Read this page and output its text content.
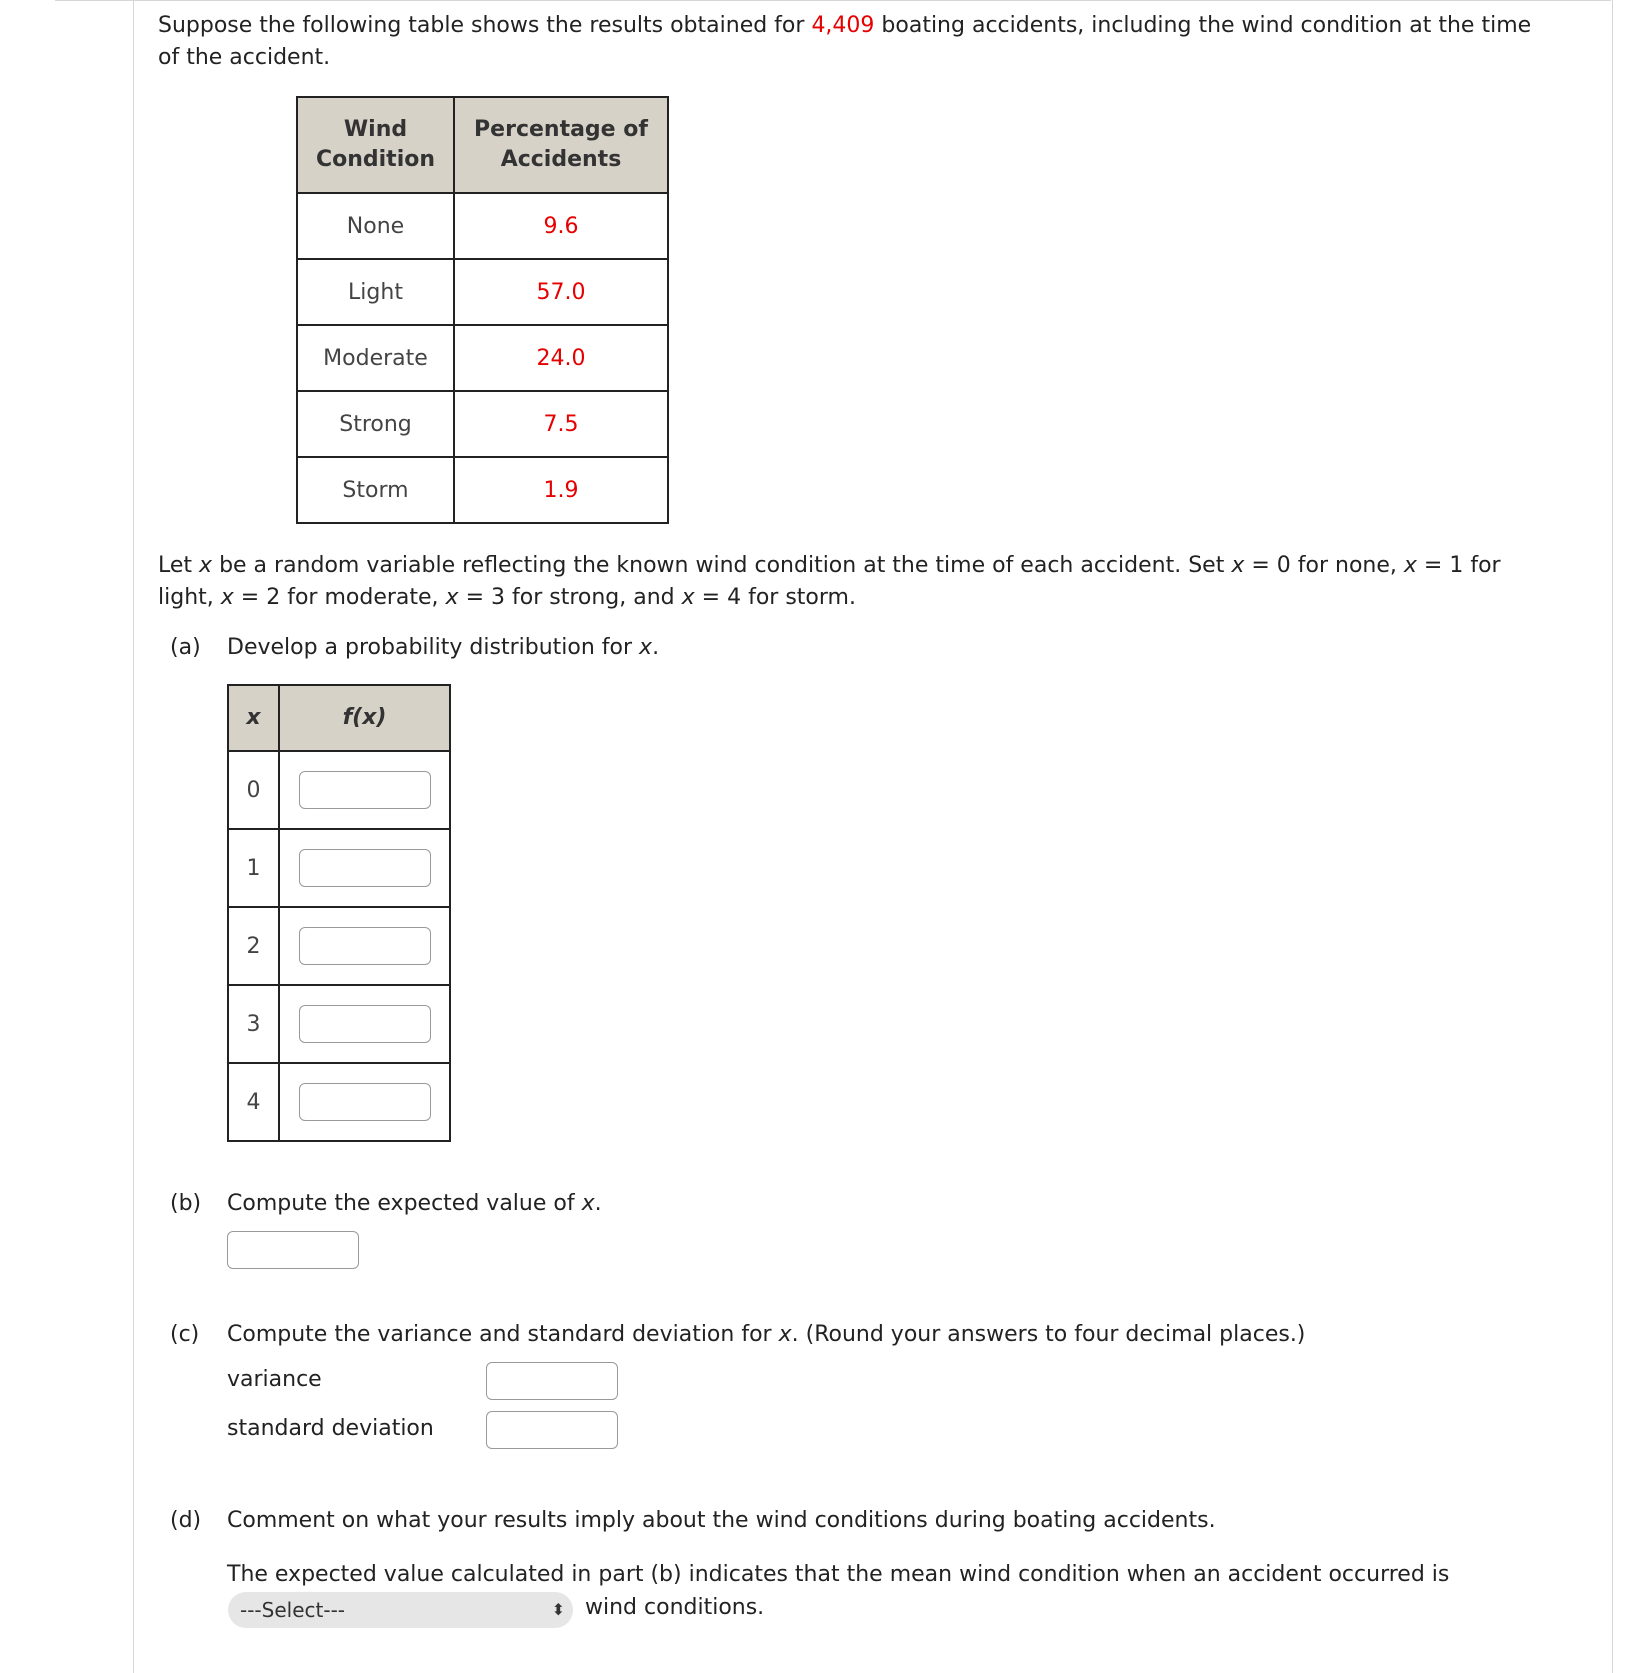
Suppose the following table shows the results obtained for 4,409 boating accidents, including the wind condition at the time
of the accident.
Wind Condition	Percentage of Accidents
None	9.6
Light	57.0
Moderate	24.0
Strong	7.5
Storm	1.9
Let x be a random variable reflecting the known wind condition at the time of each accident. Set x = 0 for none, x = 1 for
light, x = 2 for moderate, x = 3 for strong, and x = 4 for storm.
(a) Develop a probability distribution for x.
x	f(x)
0	

1	

2	

3	

4	
(b) Compute the expected value of x.
(c) Compute the variance and standard deviation for x. (Round your answers to four decimal places.)
variance
standard deviation
(d) Comment on what your results imply about the wind conditions during boating accidents.
The expected value calculated in part (b) indicates that the mean wind condition when an accident occurred is
---Select---	⬍ wind conditions.
